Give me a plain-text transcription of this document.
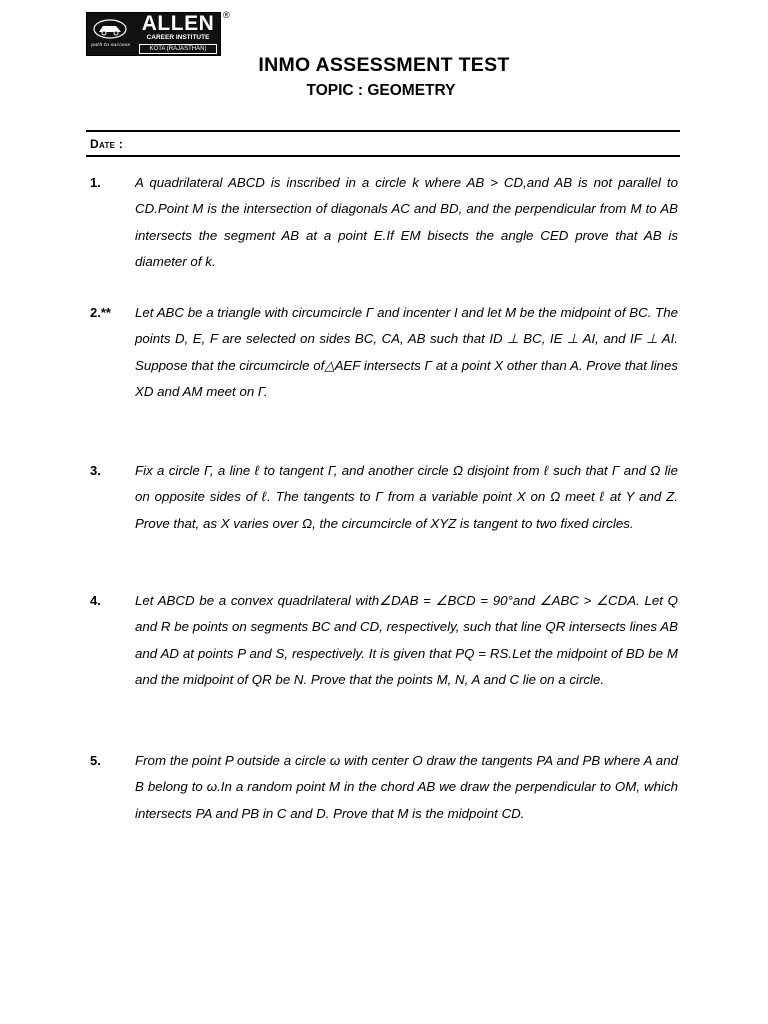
path to success
ALLEN
CAREER INSTITUTE
KOTA (RAJASTHAN)
®
INMO ASSESSMENT TEST
TOPIC : GEOMETRY
Date :
1.	A quadrilateral ABCD is inscribed in a circle k where AB > CD,and AB is not parallel to CD.Point M is the intersection of diagonals AC and BD, and the perpendicular from M to AB intersects the segment AB at a point E.If EM bisects the angle CED prove that AB is diameter of k.
2.** Let ABC be a triangle with circumcircle Γ and incenter I and let M be the midpoint of BC. The points D, E, F are selected on sides BC, CA, AB such that ID ⊥ BC, IE ⊥ AI, and IF ⊥ AI. Suppose that the circumcircle of△AEF intersects Γ at a point X other than A. Prove that lines XD and AM meet on Γ.
3.	Fix a circle Γ, a line ℓ to tangent Γ, and another circle Ω disjoint from ℓ such that Γ and Ω lie on opposite sides of ℓ. The tangents to Γ from a variable point X on Ω meet ℓ at Y and Z. Prove that, as X varies over Ω, the circumcircle of XYZ is tangent to two fixed circles.
4.	Let ABCD be a convex quadrilateral with∠DAB = ∠BCD = 90°and ∠ABC > ∠CDA. Let Q and R be points on segments BC and CD, respectively, such that line QR intersects lines AB and AD at points P and S, respectively. It is given that PQ = RS.Let the midpoint of BD be M and the midpoint of QR be N. Prove that the points M, N, A and C lie on a circle.
5.	From the point P outside a circle ω with center O draw the tangents PA and PB where A and B belong to ω.In a random point M in the chord AB we draw the perpendicular to OM, which intersects PA and PB in C and D. Prove that M is the midpoint CD.
